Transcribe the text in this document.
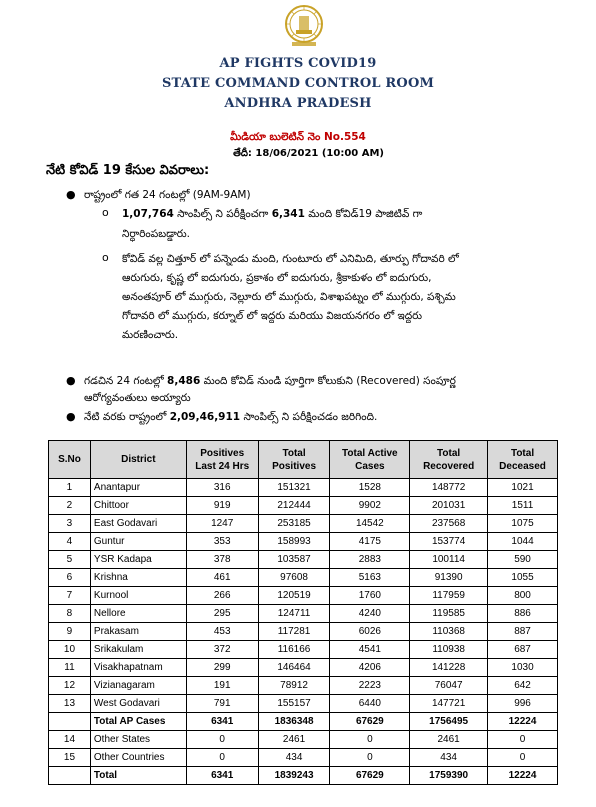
AP FIGHTS COVID19
STATE COMMAND CONTROL ROOM
ANDHRA PRADESH
మీడియా బులెటిన్ నెం No.554
తేదీ: 18/06/2021 (10:00 AM)
నేటి కోవిడ్ 19 కేసుల వివరాలు:
● రాష్ట్రంలో గత 24 గంటల్లో (9AM-9AM)
o 1,07,764 సాంపిల్స్ ని పరీక్షించగా 6,341 మంది కోవిడ్19 పాజిటివ్ గా
నిర్ధారింపబడ్డారు.
o కోవిడ్ వల్ల చిత్తూర్ లో పన్నెండు మంది, గుంటూరు లో ఎనిమిది, తూర్పు గోదావరి లో
ఆరుగురు, కృష్ణ లో ఐదుగురు, ప్రకాశం లో ఐదుగురు, శ్రీకాకుళం లో ఐదుగురు,
అనంతపూర్ లో ముగ్గురు, నెల్లూరు లో ముగ్గురు, విశాఖపట్నం లో ముగ్గురు, పశ్చిమ
గోదావరి లో ముగ్గురు, కర్నూల్ లో ఇద్దరు మరియు విజయనగరం లో ఇద్దరు
మరణించారు.
● గడచిన 24 గంటల్లో 8,486 మంది కోవిడ్ నుండి పూర్తిగా కోలుకుని (Recovered) సంపూర్ణ
ఆరోగ్యవంతులు అయ్యారు
● నేటి వరకు రాష్ట్రంలో 2,09,46,911 సాంపిల్స్ ని పరీక్షించడం జరిగింది.
S.No	District	Positives Last 24 Hrs	Total Positives	Total Active Cases	Total Recovered	Total Deceased
1	Anantapur	316	151321	1528	148772	1021
2	Chittoor	919	212444	9902	201031	1511
3	East Godavari	1247	253185	14542	237568	1075
4	Guntur	353	158993	4175	153774	1044
5	YSR Kadapa	378	103587	2883	100114	590
6	Krishna	461	97608	5163	91390	1055
7	Kurnool	266	120519	1760	117959	800
8	Nellore	295	124711	4240	119585	886
9	Prakasam	453	117281	6026	110368	887
10	Srikakulam	372	116166	4541	110938	687
11	Visakhapatnam	299	146464	4206	141228	1030
12	Vizianagaram	191	78912	2223	76047	642
13	West Godavari	791	155157	6440	147721	996
	Total AP Cases	6341	1836348	67629	1756495	12224
14	Other States	0	2461	0	2461	0
15	Other Countries	0	434	0	434	0
	Total	6341	1839243	67629	1759390	12224
